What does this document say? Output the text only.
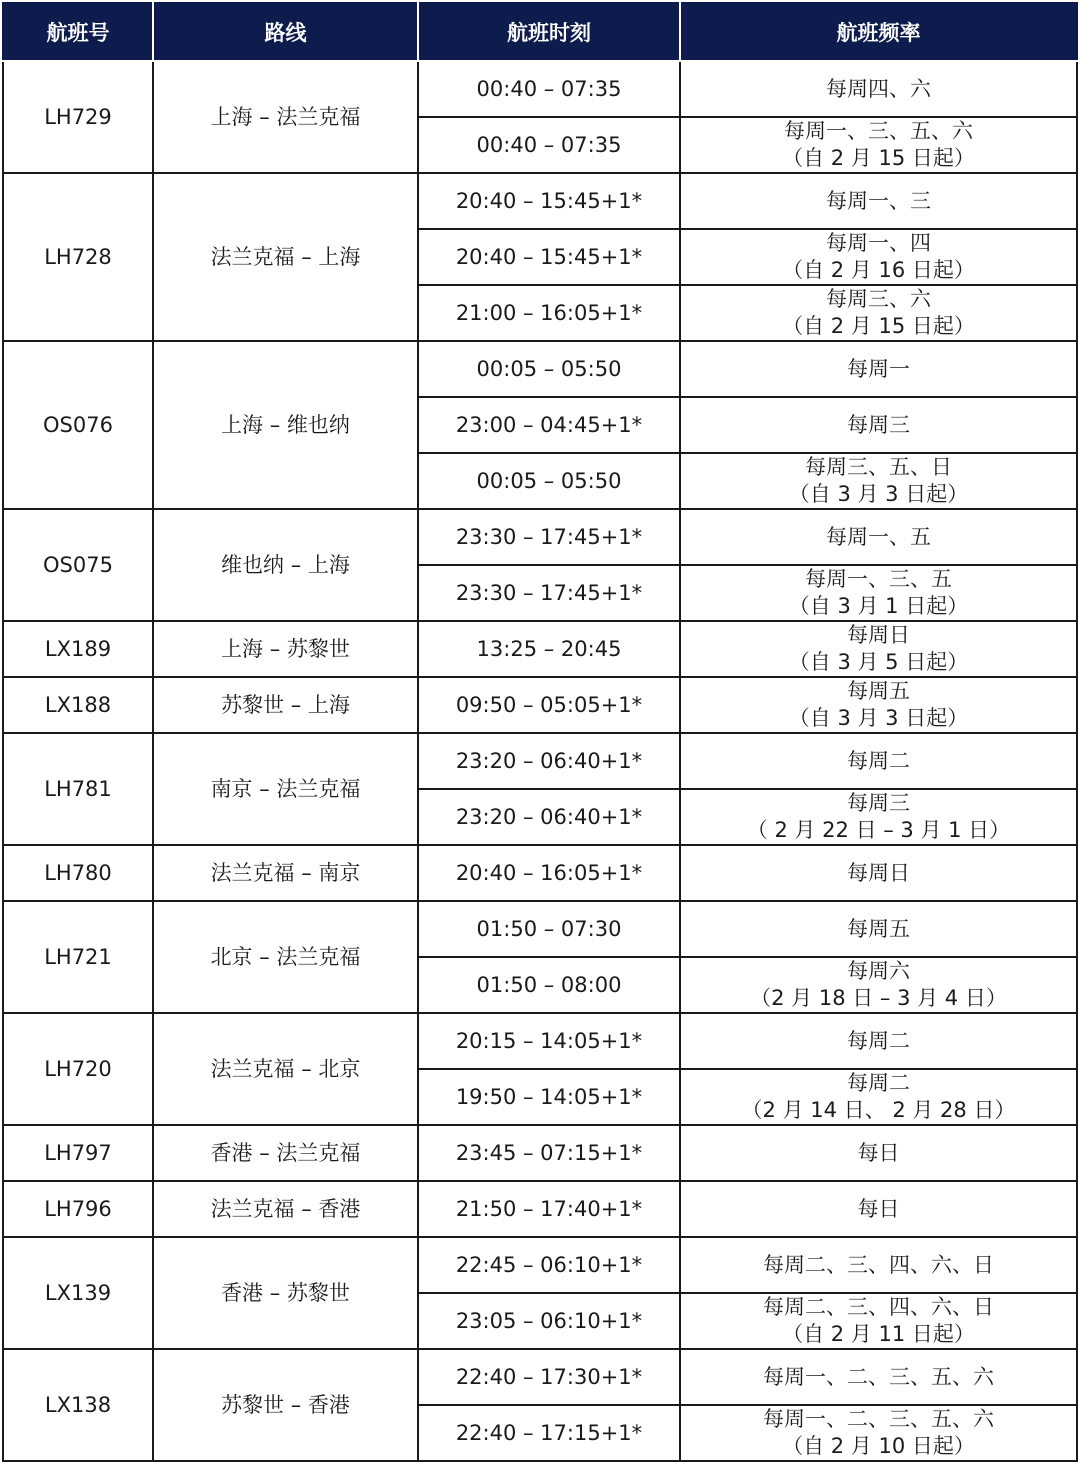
航班号	路线	航班时刻	航班频率
LH729	上海 – 法兰克福	00:40 – 07:35	每周四、六

		00:40 – 07:35	每周一、三、五、六
（自 2 月 15 日起）

LH728	法兰克福 – 上海	20:40 – 15:45+1*	每周一、三

		20:40 – 15:45+1*	每周一、四
（自 2 月 16 日起）

		21:00 – 16:05+1*	每周三、六
（自 2 月 15 日起）

OS076	上海 – 维也纳	00:05 – 05:50	每周一

		23:00 – 04:45+1*	每周三

		00:05 – 05:50	每周三、五、日
（自 3 月 3 日起）

OS075	维也纳 – 上海	23:30 – 17:45+1*	每周一、五

		23:30 – 17:45+1*	每周一、三、五
（自 3 月 1 日起）

LX189	上海 – 苏黎世	13:25 – 20:45	每周日
（自 3 月 5 日起）

LX188	苏黎世 – 上海	09:50 – 05:05+1*	每周五
（自 3 月 3 日起）

LH781	南京 – 法兰克福	23:20 – 06:40+1*	每周二

		23:20 – 06:40+1*	每周三
（ 2 月 22 日 – 3 月 1 日）

LH780	法兰克福 – 南京	20:40 – 16:05+1*	每周日

LH721	北京 – 法兰克福	01:50 – 07:30	每周五

		01:50 – 08:00	每周六
（2 月 18 日 – 3 月 4 日）

LH720	法兰克福 – 北京	20:15 – 14:05+1*	每周二

		19:50 – 14:05+1*	每周二
（2 月 14 日、 2 月 28 日）

LH797	香港 – 法兰克福	23:45 – 07:15+1*	每日

LH796	法兰克福 – 香港	21:50 – 17:40+1*	每日

LX139	香港 – 苏黎世	22:45 – 06:10+1*	每周二、三、四、六、日

		23:05 – 06:10+1*	每周二、三、四、六、日
（自 2 月 11 日起）

LX138	苏黎世 – 香港	22:40 – 17:30+1*	每周一、二、三、五、六

		22:40 – 17:15+1*	每周一、二、三、五、六
（自 2 月 10 日起）
